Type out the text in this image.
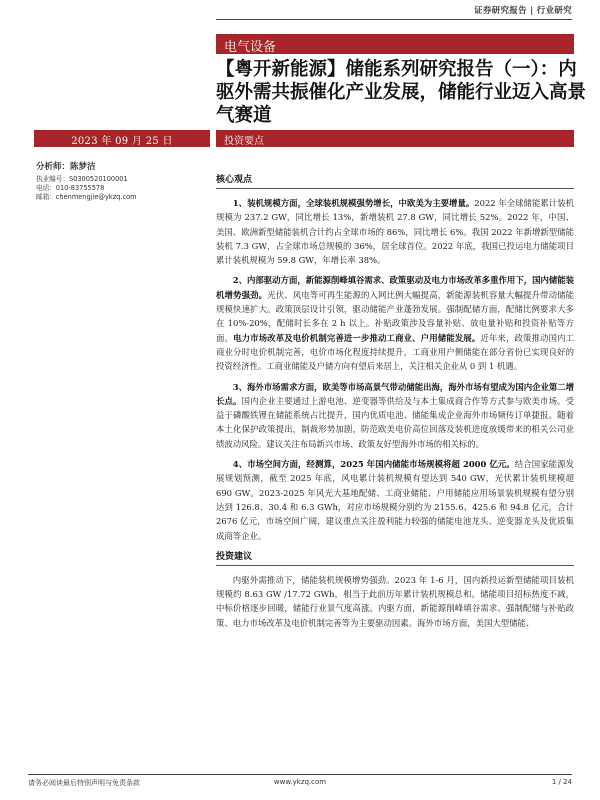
证券研究报告 | 行业研究
电气设备
【粤开新能源】储能系列研究报告（一）：内驱外需共振催化产业发展，储能行业迈入高景气赛道
2023 年 09 月 25 日	投资要点
分析师：陈梦洁
执业编号：S0300520100001
电话：010-83755578
邮箱：chenmengjie@ykzq.com
核心观点

1、装机规模方面，全球装机规模强势增长，中欧美为主要增量。2022 年全球储能累计装机规模为 237.2 GW，同比增长 13%，新增装机 27.8 GW，同比增长 52%。2022 年，中国、美国、欧洲新型储能装机合计约占全球市场的 86%，同比增长 6%。我国 2022 年新增新型储能装机 7.3 GW，占全球市场总规模的 36%，居全球首位。2022 年底，我国已投运电力储能项目累计装机规模为 59.8 GW，年增长率 38%。

2、内部驱动方面，新能源削峰填谷需求、政策驱动及电力市场改革多重作用下，国内储能装机增势强劲。光伏、风电等可再生能源的入网比例大幅提高，新能源装机容量大幅提升带动储能规模快速扩大。政策顶层设计引领，驱动储能产业蓬勃发展。强制配储方面，配储比例要求大多在 10%-20%，配储时长多在 2 h 以上。补贴政策涉及容量补贴、放电量补贴和投资补贴等方面。电力市场改革及电价机制完善进一步推动工商业、户用储能发展。近年来，政策推动国内工商业分时电价机制完善，电价市场化程度持续提升，工商业用户侧储能在部分省份已实现良好的投资经济性。工商业储能及户储方向有望后来居上，关注相关企业从 0 到 1 机遇。

3、海外市场需求方面，欧美等市场高景气带动储能出海，海外市场有望成为国内企业第二增长点。国内企业主要通过上游电池、逆变器等供给及与本土集成商合作等方式参与欧美市场。受益于磷酸铁锂在储能系统占比提升，国内优质电池、储能集成企业海外市场频传订单捷报。随着本土化保护政策提出，制裁形势加剧，防范欧美电价高位回落及装机进度放缓带来的相关公司业绩波动风险。建议关注布局新兴市场、政策友好型海外市场的相关标的。

4、市场空间方面，经测算，2025 年国内储能市场规模将超 2000 亿元。结合国家能源发展规划预测，截至 2025 年底，风电累计装机规模有望达到 540 GW，光伏累计装机规模超 690 GW。2023-2025 年风光大基地配储、工商业储能、户用储能应用场景装机规模有望分别达到 126.8、30.4 和 6.3 GWh，对应市场规模分别约为 2155.6、425.6 和 94.8 亿元，合计 2676 亿元，市场空间广阔，建议重点关注盈利能力较强的储能电池龙头、逆变器龙头及优质集成商等企业。

投资建议

内驱外需推动下，储能装机规模增势强劲。2023 年 1-6 月，国内新投运新型储能项目装机规模约 8.63 GW /17.72 GWh，相当于此前历年累计装机规模总和。储能项目招标热度不减，中标价格逐步回暖，储能行业景气度高涨。内驱方面，新能源削峰填谷需求、强制配储与补贴政策、电力市场改革及电价机制完善等为主要驱动因素。海外市场方面，美国大型储能、

请务必阅读最后特别声明与免责条款	www.ykzq.com	1 / 24
